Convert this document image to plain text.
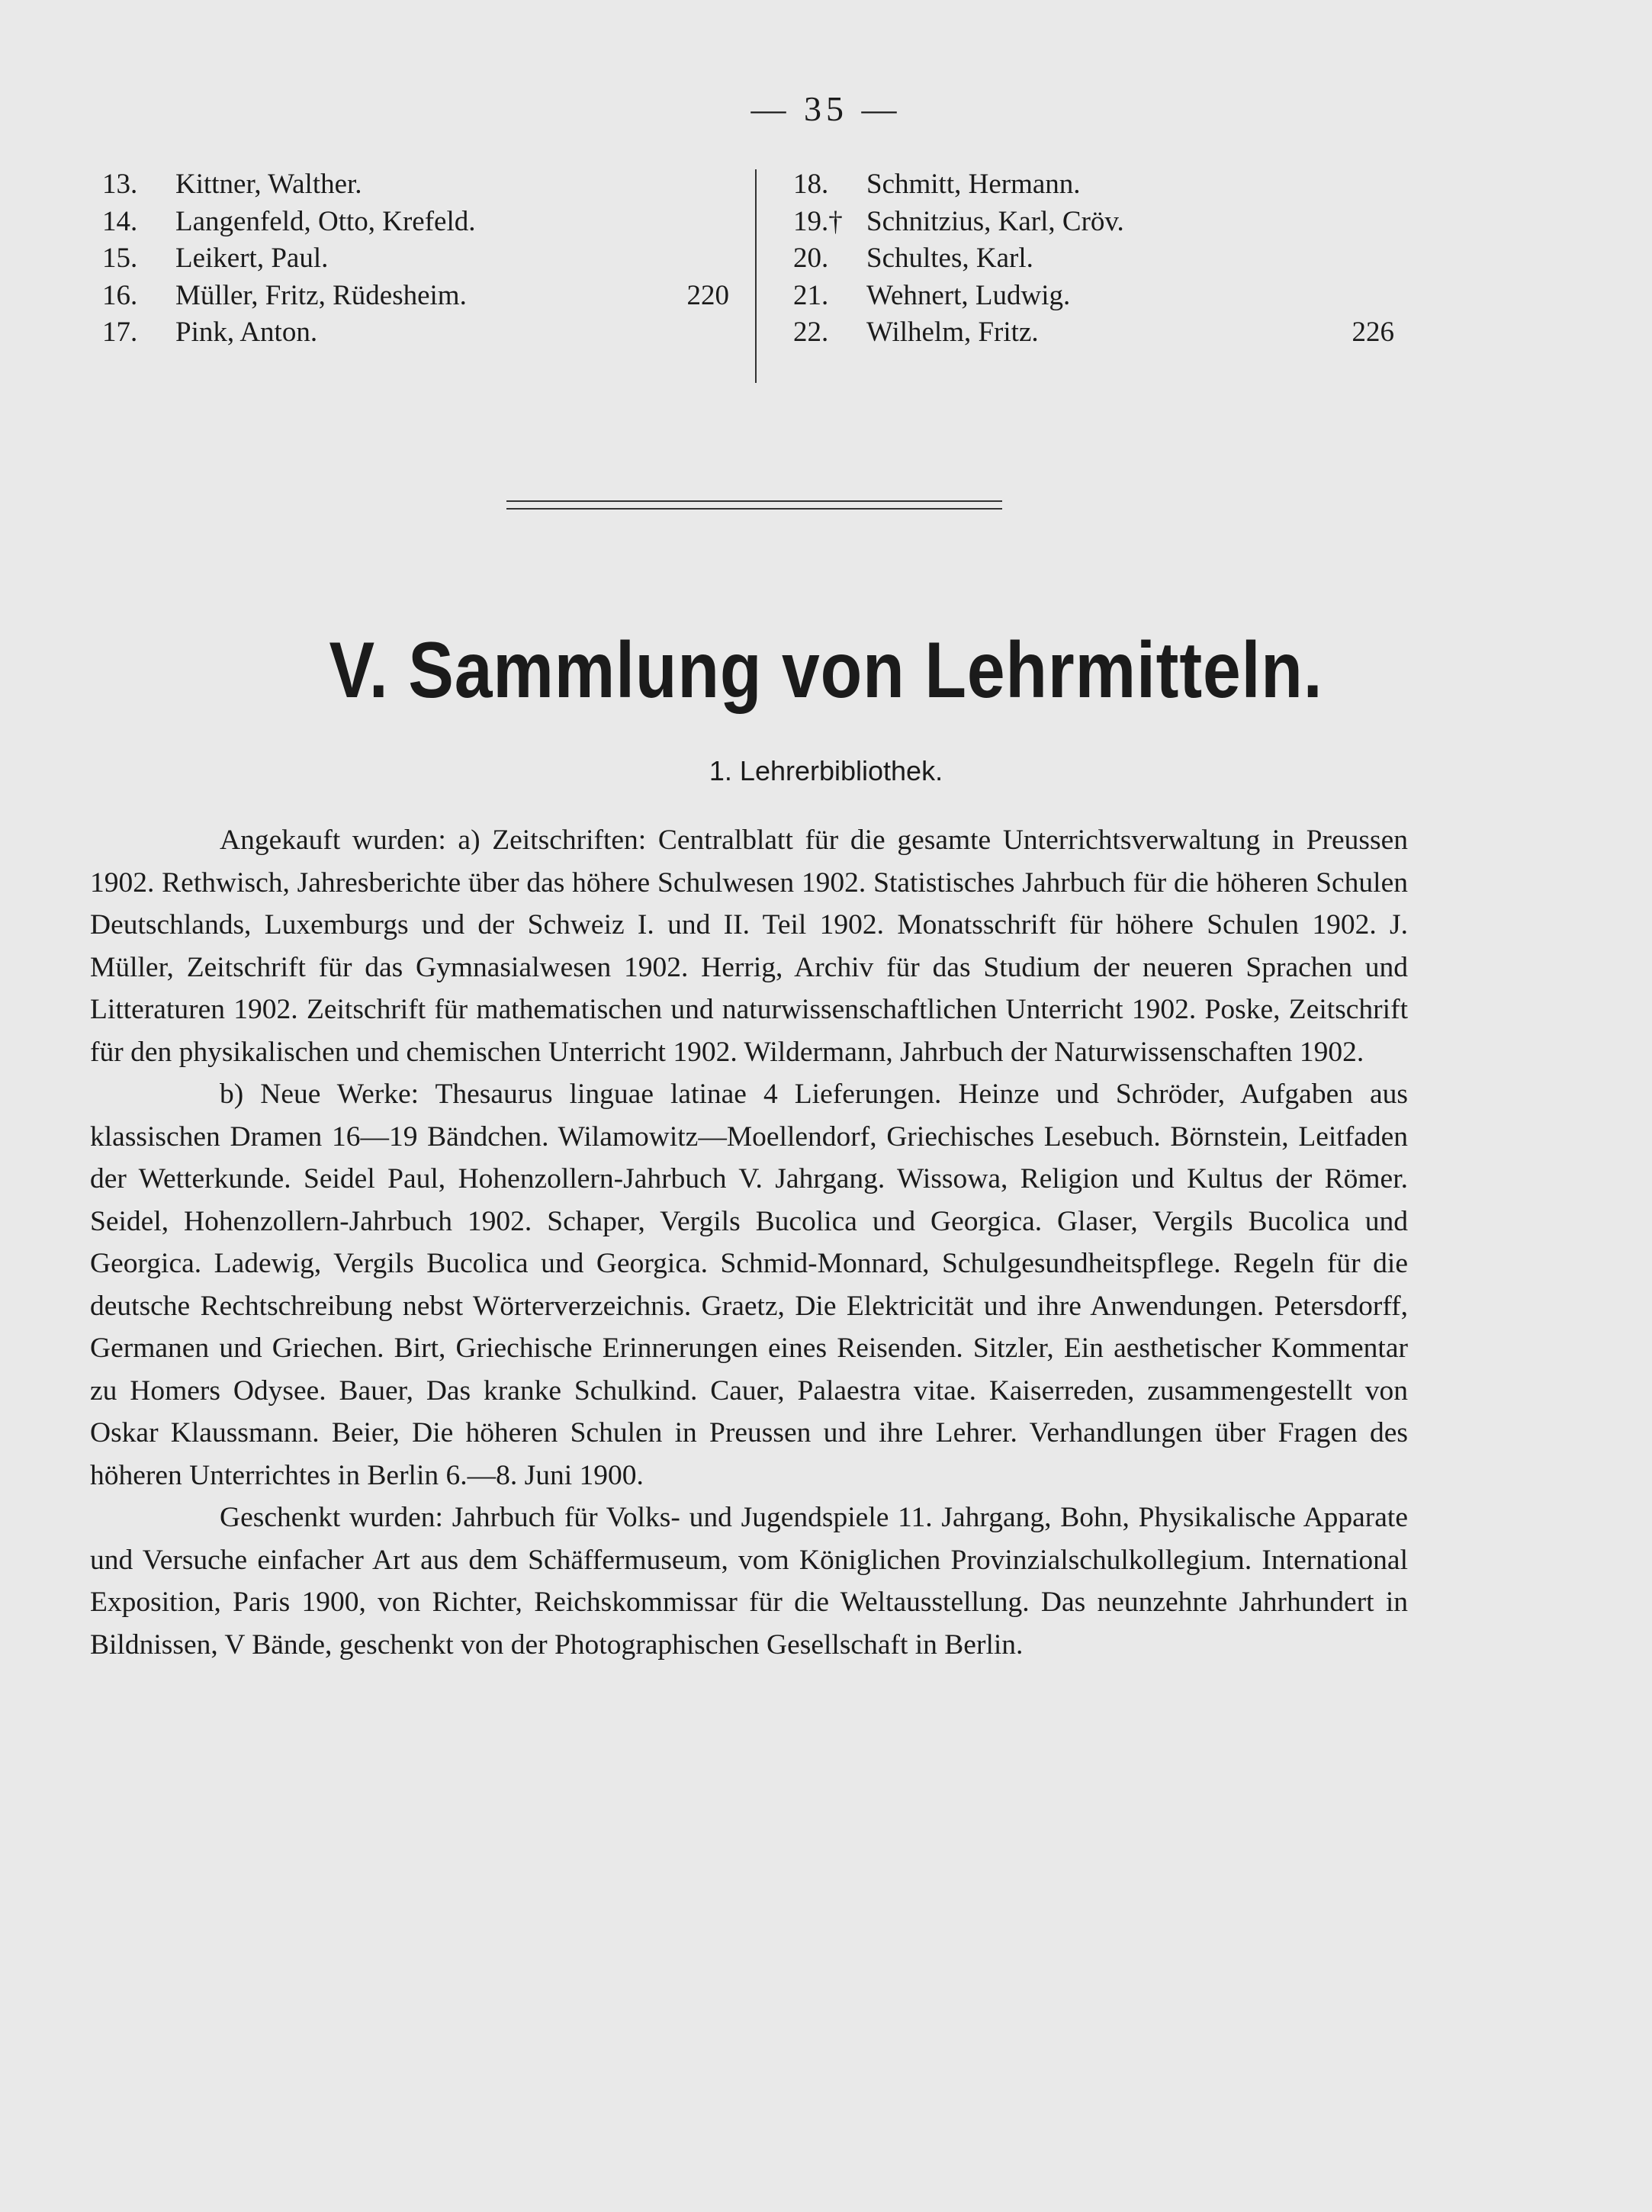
— 35 —
13.	Kittner, Walther.
14.	Langenfeld, Otto, Krefeld.
15.	Leikert, Paul.
16.	Müller, Fritz, Rüdesheim.	220
17.	Pink, Anton.
18.	Schmitt, Hermann.
19.† Schnitzius, Karl, Cröv.
20.	Schultes, Karl.
21.	Wehnert, Ludwig.
22.	Wilhelm, Fritz.	226
V. Sammlung von Lehrmitteln.
1. Lehrerbibliothek.

Angekauft wurden: a) Zeitschriften: Centralblatt für die gesamte Unterrichtsverwaltung in Preussen 1902. Rethwisch, Jahresberichte über das höhere Schulwesen 1902. Statistisches Jahrbuch für die höheren Schulen Deutschlands, Luxemburgs und der Schweiz I. und II. Teil 1902. Monatsschrift für höhere Schulen 1902. J. Müller, Zeitschrift für das Gymnasialwesen 1902. Herrig, Archiv für das Studium der neueren Sprachen und Litteraturen 1902. Zeitschrift für mathematischen und naturwissenschaftlichen Unterricht 1902. Poske, Zeitschrift für den physikalischen und chemischen Unterricht 1902. Wildermann, Jahrbuch der Naturwissenschaften 1902.

b) Neue Werke: Thesaurus linguae latinae 4 Lieferungen. Heinze und Schröder, Aufgaben aus klassischen Dramen 16—19 Bändchen. Wilamowitz—Moellendorf, Griechisches Lesebuch. Börnstein, Leitfaden der Wetterkunde. Seidel Paul, Hohenzollern-Jahrbuch V. Jahrgang. Wissowa, Religion und Kultus der Römer. Seidel, Hohenzollern-Jahrbuch 1902. Schaper, Vergils Bucolica und Georgica. Glaser, Vergils Bucolica und Georgica. Ladewig, Vergils Bucolica und Georgica. Schmid-Monnard, Schulgesundheitspflege. Regeln für die deutsche Rechtschreibung nebst Wörterverzeichnis. Graetz, Die Elektricität und ihre Anwendungen. Petersdorff, Germanen und Griechen. Birt, Griechische Erinnerungen eines Reisenden. Sitzler, Ein aesthetischer Kommentar zu Homers Odysee. Bauer, Das kranke Schulkind. Cauer, Palaestra vitae. Kaiserreden, zusammengestellt von Oskar Klaussmann. Beier, Die höheren Schulen in Preussen und ihre Lehrer. Verhandlungen über Fragen des höheren Unterrichtes in Berlin 6.—8. Juni 1900.

Geschenkt wurden: Jahrbuch für Volks- und Jugendspiele 11. Jahrgang, Bohn, Physikalische Apparate und Versuche einfacher Art aus dem Schäffermuseum, vom Königlichen Provinzialschulkollegium. International Exposition, Paris 1900, von Richter, Reichskommissar für die Weltausstellung. Das neunzehnte Jahrhundert in Bildnissen, V Bände, geschenkt von der Photographischen Gesellschaft in Berlin.
